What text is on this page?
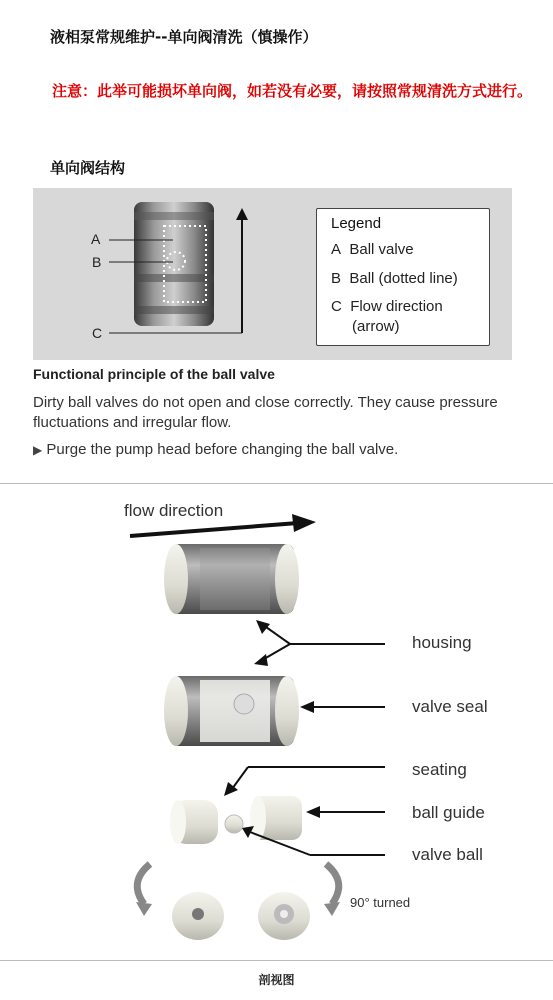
液相泵常规维护--单向阀清洗（慎操作）
注意：此举可能损坏单向阀，如若没有必要，请按照常规清洗方式进行。
单向阀结构
A
B
C
Legend
A Ball valve
B Ball (dotted line)
C Flow direction
(arrow)
Functional principle of the ball valve
Dirty ball valves do not open and close correctly. They cause pressure fluctuations and irregular flow.
▶ Purge the pump head before changing the ball valve.
flow direction
housing
valve seal
seating
ball guide
valve ball
90° turned
剖视图
